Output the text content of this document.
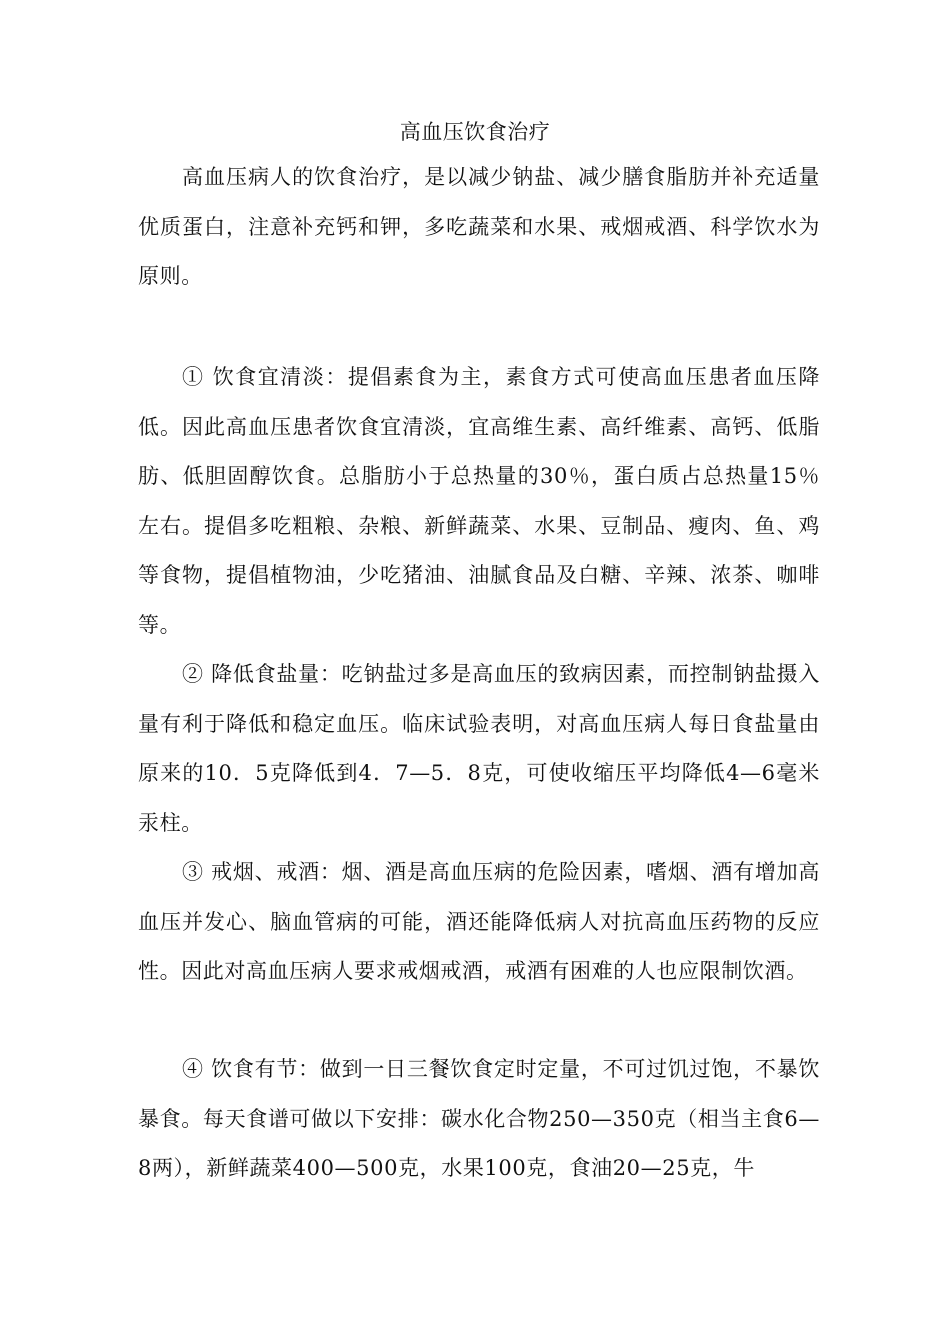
高血压饮食治疗

高血压病人的饮食治疗，是以减少钠盐、减少膳食脂肪并补充适量优质蛋白，注意补充钙和钾，多吃蔬菜和水果、戒烟戒酒、科学饮水为原则。

① 饮食宜清淡：提倡素食为主，素食方式可使高血压患者血压降低。因此高血压患者饮食宜清淡，宜高维生素、高纤维素、高钙、低脂肪、低胆固醇饮食。总脂肪小于总热量的30％，蛋白质占总热量15％左右。提倡多吃粗粮、杂粮、新鲜蔬菜、水果、豆制品、瘦肉、鱼、鸡等食物，提倡植物油，少吃猪油、油腻食品及白糖、辛辣、浓茶、咖啡等。

② 降低食盐量：吃钠盐过多是高血压的致病因素，而控制钠盐摄入量有利于降低和稳定血压。临床试验表明，对高血压病人每日食盐量由原来的10．5克降低到4．7—5．8克，可使收缩压平均降低4—6毫米汞柱。

③ 戒烟、戒酒：烟、酒是高血压病的危险因素，嗜烟、酒有增加高血压并发心、脑血管病的可能，酒还能降低病人对抗高血压药物的反应性。因此对高血压病人要求戒烟戒酒，戒酒有困难的人也应限制饮酒。

④ 饮食有节：做到一日三餐饮食定时定量，不可过饥过饱，不暴饮暴食。每天食谱可做以下安排：碳水化合物250—350克（相当主食6—8两），新鲜蔬菜400—500克，水果100克，食油20—25克，牛
